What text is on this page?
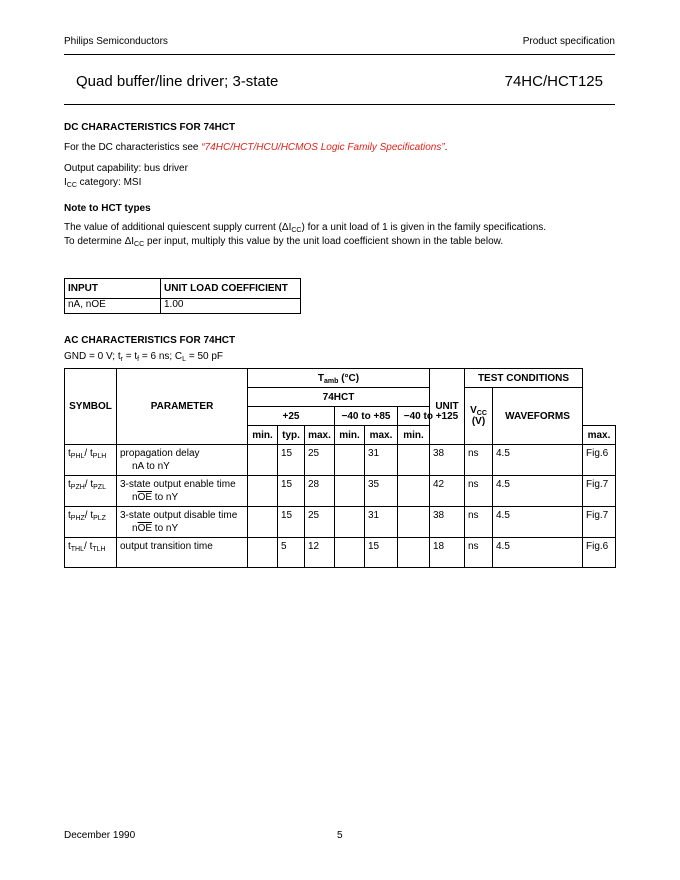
Philips Semiconductors	Product specification
Quad buffer/line driver; 3-state	74HC/HCT125
DC CHARACTERISTICS FOR 74HCT
For the DC characteristics see “74HC/HCT/HCU/HCMOS Logic Family Specifications”.
Output capability: bus driver
$I_{CC}$ category: MSI
Note to HCT types
The value of additional quiescent supply current $(\Delta I_{CC})$ for a unit load of 1 is given in the family specifications.
To determine $\Delta I_{CC}$ per input, multiply this value by the unit load coefficient shown in the table below.
INPUT	UNIT LOAD COEFFICIENT
nA, $n\overline{OE}$	1.00
AC CHARACTERISTICS FOR 74HCT
GND = 0 V; $t_r = t_f = 6$ ns; $C_L = 50$ pF
SYMBOL	PARAMETER	$T_{amb}$ (°C)						UNIT	TEST CONDITIONS		
		74HCT							$V_{CC}$
(V)	WAVEFORMS	
		+25			−40 to +85		−40 to +125				
		min.	typ.	max.	min.	max.	min.				max.
$t_{PHL}/$ $t_{PLH}$	propagation delay
nA to nY		15	25		31		38	ns	4.5	Fig.6
$t_{PZH}/$ $t_{PZL}$	3-state output enable time
$n\overline{OE}$ to nY		15	28		35		42	ns	4.5	Fig.7
$t_{PHZ}/$ $t_{PLZ}$	3-state output disable time
$n\overline{OE}$ to nY		15	25		31		38	ns	4.5	Fig.7
$t_{THL}/$ $t_{TLH}$	output transition time		5	12		15		18	ns	4.5	Fig.6
December 1990	5
